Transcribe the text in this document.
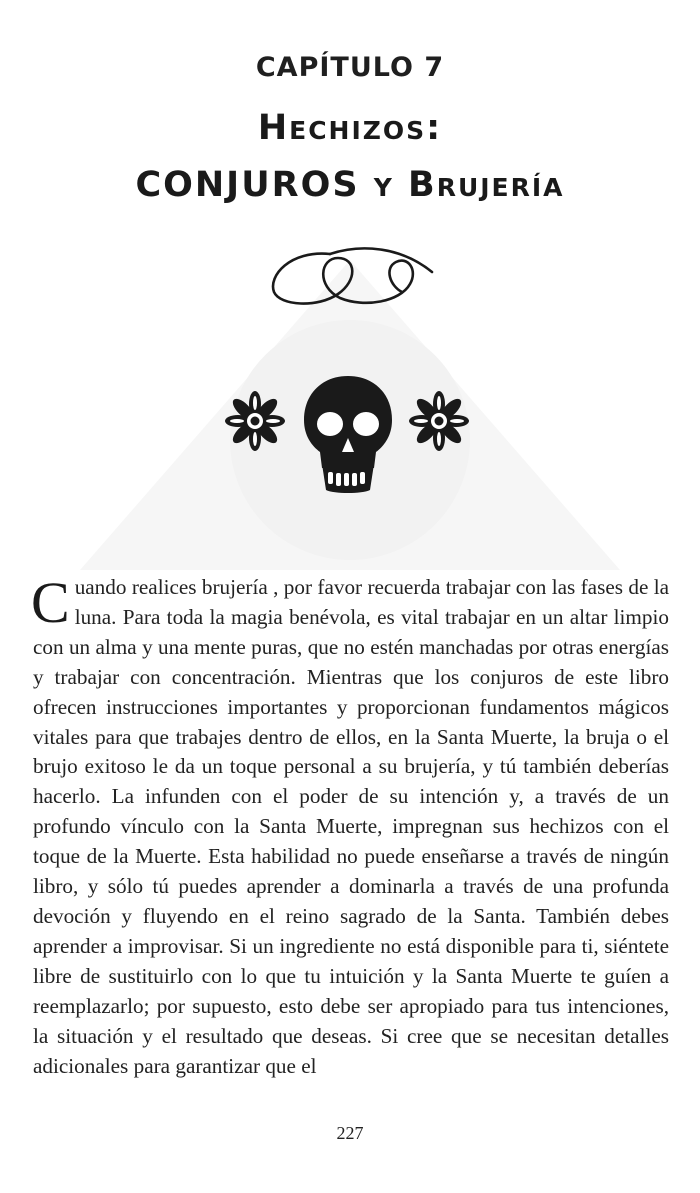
CAPÍTULO 7
Hechizos:
CONJUROS y Brujería
Cuando realices brujería , por favor recuerda trabajar con las fases de la luna. Para toda la magia benévola, es vital trabajar en un altar limpio con un alma y una mente puras, que no estén manchadas por otras energías y trabajar con concentración. Mientras que los conjuros de este libro ofrecen instrucciones importantes y proporcionan fundamentos mágicos vitales para que trabajes dentro de ellos, en la Santa Muerte, la bruja o el brujo exitoso le da un toque personal a su brujería, y tú también deberías hacerlo. La infunden con el poder de su intención y, a través de un profundo vínculo con la Santa Muerte, impregnan sus hechizos con el toque de la Muerte. Esta habilidad no puede enseñarse a través de ningún libro, y sólo tú puedes aprender a dominarla a través de una profunda devoción y fluyendo en el reino sagrado de la Santa. También debes aprender a improvisar. Si un ingrediente no está disponible para ti, siéntete libre de sustituirlo con lo que tu intuición y la Santa Muerte te guíen a reemplazarlo; por supuesto, esto debe ser apropiado para tus intenciones, la situación y el resultado que deseas. Si cree que se necesitan detalles adicionales para garantizar que el
227
